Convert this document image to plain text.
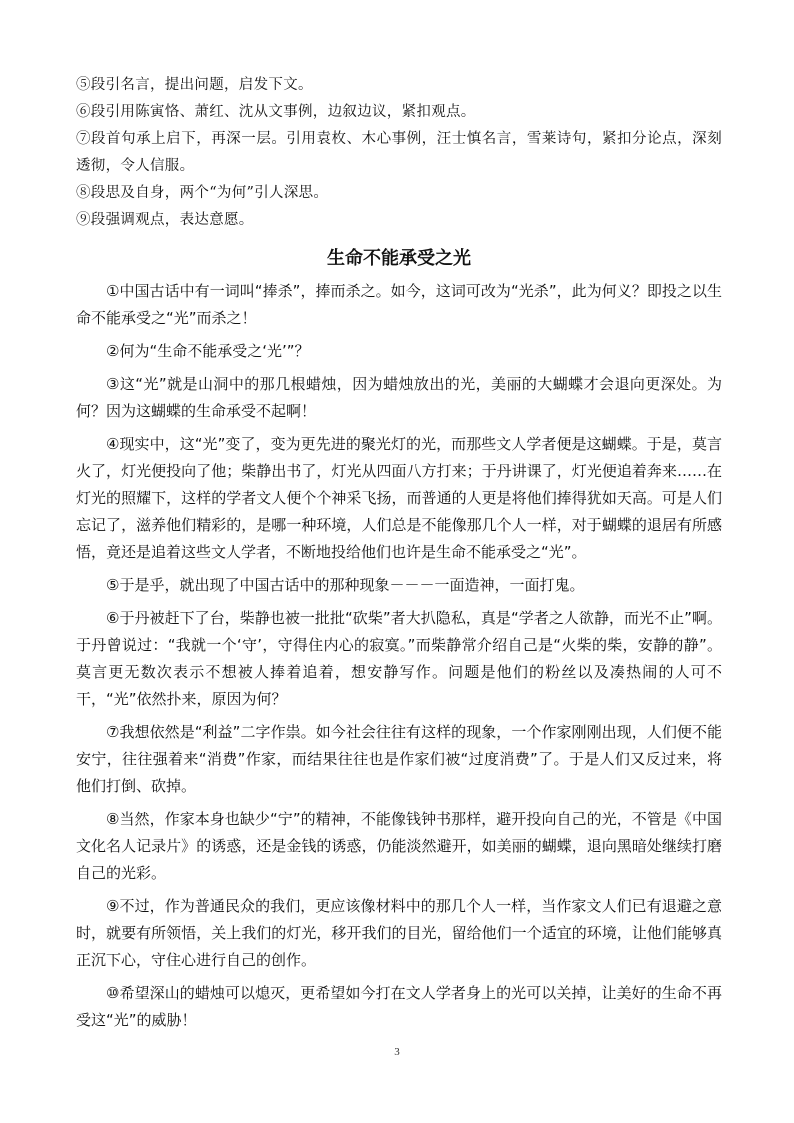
⑤段引名言，提出问题，启发下文。

⑥段引用陈寅恪、萧红、沈从文事例，边叙边议，紧扣观点。

⑦段首句承上启下，再深一层。引用袁枚、木心事例，汪士慎名言，雪莱诗句，紧扣分论点，深刻透彻，令人信服。

⑧段思及自身，两个“为何”引人深思。

⑨段强调观点，表达意愿。

生命不能承受之光

①中国古话中有一词叫“捧杀”，捧而杀之。如今，这词可改为“光杀”，此为何义？即投之以生命不能承受之“光”而杀之！

②何为“生命不能承受之‘光’”？

③这“光”就是山洞中的那几根蜡烛，因为蜡烛放出的光，美丽的大蝴蝶才会退向更深处。为何？因为这蝴蝶的生命承受不起啊！

④现实中，这“光”变了，变为更先进的聚光灯的光，而那些文人学者便是这蝴蝶。于是，莫言火了，灯光便投向了他；柴静出书了，灯光从四面八方打来；于丹讲课了，灯光便追着奔来……在灯光的照耀下，这样的学者文人便个个神采飞扬，而普通的人更是将他们捧得犹如天高。可是人们忘记了，滋养他们精彩的，是哪一种环境，人们总是不能像那几个人一样，对于蝴蝶的退居有所感悟，竟还是追着这些文人学者，不断地投给他们也许是生命不能承受之“光”。

⑤于是乎，就出现了中国古话中的那种现象－－－一面造神，一面打鬼。

⑥于丹被赶下了台，柴静也被一批批“砍柴”者大扒隐私，真是“学者之人欲静，而光不止”啊。于丹曾说过：“我就一个‘守’，守得住内心的寂寞。”而柴静常介绍自己是“火柴的柴，安静的静”。莫言更无数次表示不想被人捧着追着，想安静写作。问题是他们的粉丝以及凑热闹的人可不干，“光”依然扑来，原因为何？

⑦我想依然是“利益”二字作祟。如今社会往往有这样的现象，一个作家刚刚出现，人们便不能安宁，往往强着来“消费”作家，而结果往往也是作家们被“过度消费”了。于是人们又反过来，将他们打倒、砍掉。

⑧当然，作家本身也缺少“宁”的精神，不能像钱钟书那样，避开投向自己的光，不管是《中国文化名人记录片》的诱惑，还是金钱的诱惑，仍能淡然避开，如美丽的蝴蝶，退向黑暗处继续打磨自己的光彩。

⑨不过，作为普通民众的我们，更应该像材料中的那几个人一样，当作家文人们已有退避之意时，就要有所领悟，关上我们的灯光，移开我们的目光，留给他们一个适宜的环境，让他们能够真正沉下心，守住心进行自己的创作。

⑩希望深山的蜡烛可以熄灭，更希望如今打在文人学者身上的光可以关掉，让美好的生命不再受这“光”的威胁！

3
